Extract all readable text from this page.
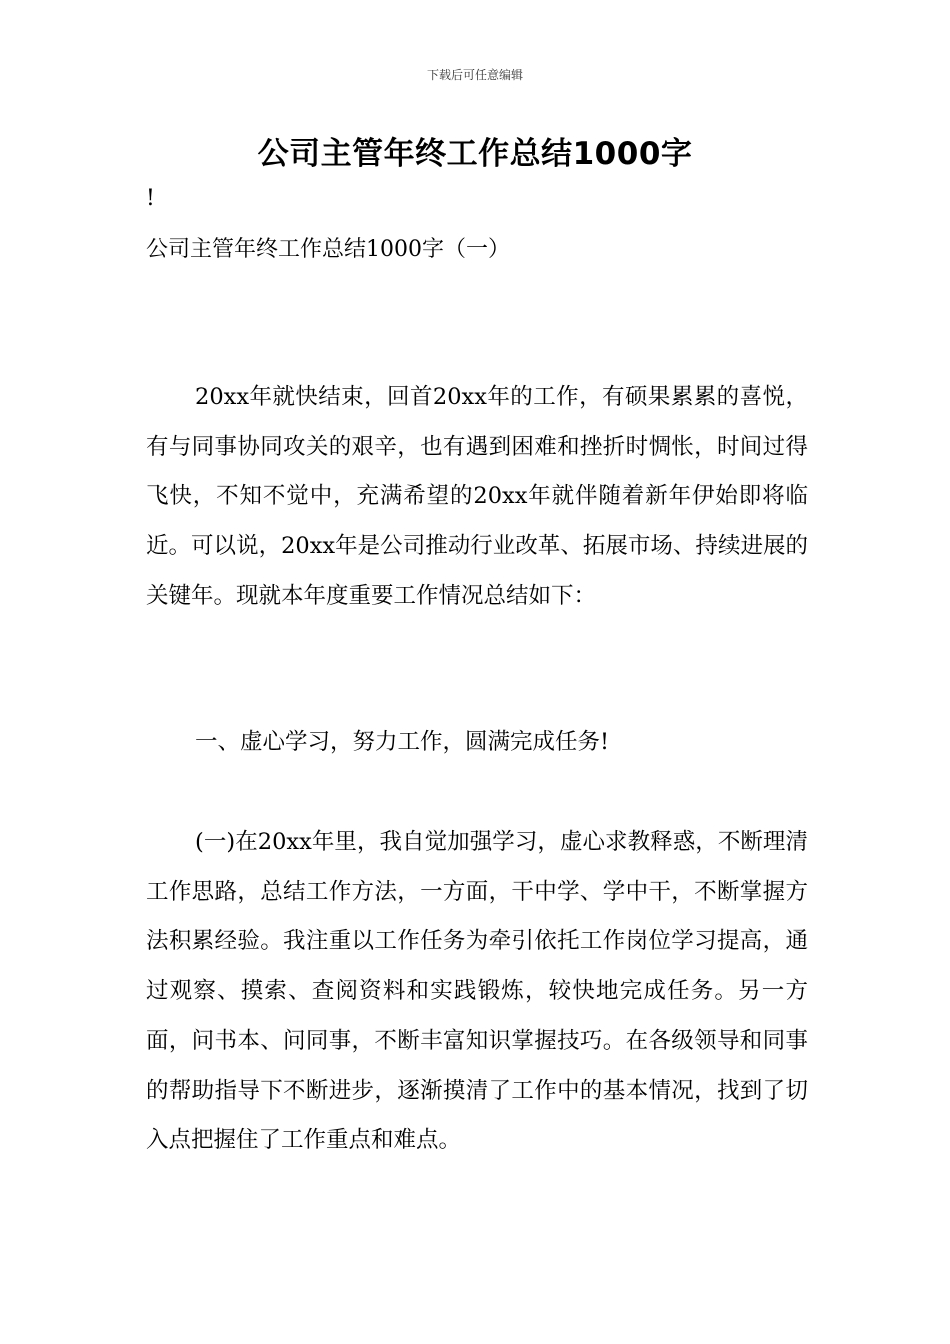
下载后可任意编辑
公司主管年终工作总结1000字
!
公司主管年终工作总结1000字（一）

20xx年就快结束，回首20xx年的工作，有硕果累累的喜悦，有与同事协同攻关的艰辛，也有遇到困难和挫折时惆怅，时间过得飞快，不知不觉中，充满希望的20xx年就伴随着新年伊始即将临近。可以说，20xx年是公司推动行业改革、拓展市场、持续进展的关键年。现就本年度重要工作情况总结如下：

一、虚心学习，努力工作，圆满完成任务!

(一)在20xx年里，我自觉加强学习，虚心求教释惑，不断理清工作思路，总结工作方法，一方面，干中学、学中干，不断掌握方法积累经验。我注重以工作任务为牵引依托工作岗位学习提高，通过观察、摸索、查阅资料和实践锻炼，较快地完成任务。另一方面，问书本、问同事，不断丰富知识掌握技巧。在各级领导和同事的帮助指导下不断进步，逐渐摸清了工作中的基本情况，找到了切入点把握住了工作重点和难点。
